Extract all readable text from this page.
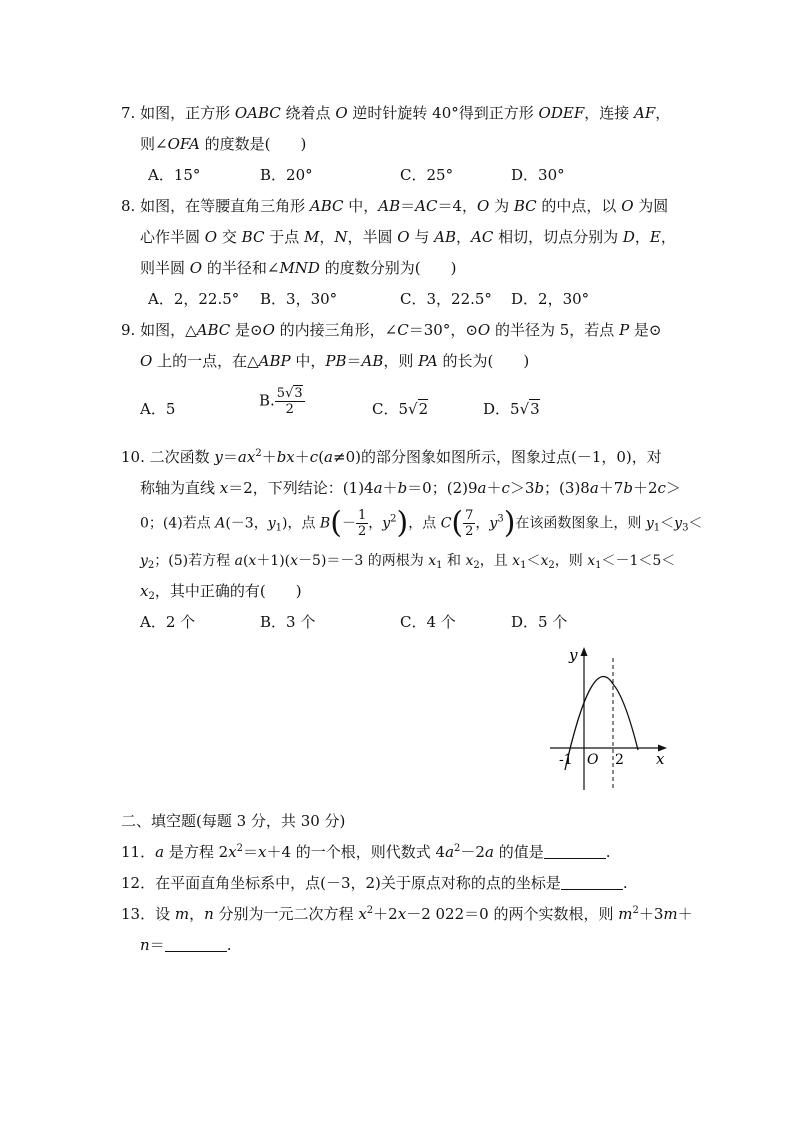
7. 如图，正方形 OABC 绕着点 O 逆时针旋转 40°得到正方形 ODEF，连接 AF，
则∠OFA 的度数是( )
A．15°	B．20°	C．25°	D．30°
8. 如图，在等腰直角三角形 ABC 中，AB＝AC＝4，O 为 BC 的中点，以 O 为圆
心作半圆 O 交 BC 于点 M，N，半圆 O 与 AB，AC 相切，切点分别为 D，E，
则半圆 O 的半径和∠MND 的度数分别为( )
A．2，22.5° B．3，30°	C．3，22.5° D．2，30°
9. 如图，△ABC 是⊙O 的内接三角形，∠C＝30°，⊙O 的半径为 5，若点 P 是⊙
O 上的一点，在△ABP 中，PB＝AB，则 PA 的长为( )
A．5	B. $\frac{5√3}{2}$	C．5√2	D．5√3
10. 二次函数 $y=ax^2+bx+c(a\ne 0)$的部分图象如图所示，图象过点(－1，0)，对
称轴为直线 x＝2，下列结论：(1)4a＋b＝0；(2)9a＋c＞3b；(3)8a＋7b＋2c＞
0；(4)若点 A(－3，$y_1$)，点 $B(- \frac{1}{2}$ ，$y^2$)，点 $C( \frac{7}{2}$ ，$y^3$)在该函数图象上，则 $y_1<y_3<$
$y_2$；(5)若方程 a(x＋1)(x－5)＝－3 的两根为 $x_1$ 和 $x_2$，且 $x_1<x_2$，则 $x_1<-1<5<$
$x_2$，其中正确的有( )
A．2 个	B．3 个	C．4 个	D．5 个
y
x
O
-1	2
二、填空题(每题 3 分，共 30 分)
11．a 是方程 $2x^2=x+4$ 的一个根，则代数式 $4a^2-2a$ 的值是	.
12．在平面直角坐标系中，点(－3，2)关于原点对称的点的坐标是	.
13．设 m，n 分别为一元二次方程 $x^2+2x-2$ 022＝0 的两个实数根，则 $m^2+3m+$
n＝	.
